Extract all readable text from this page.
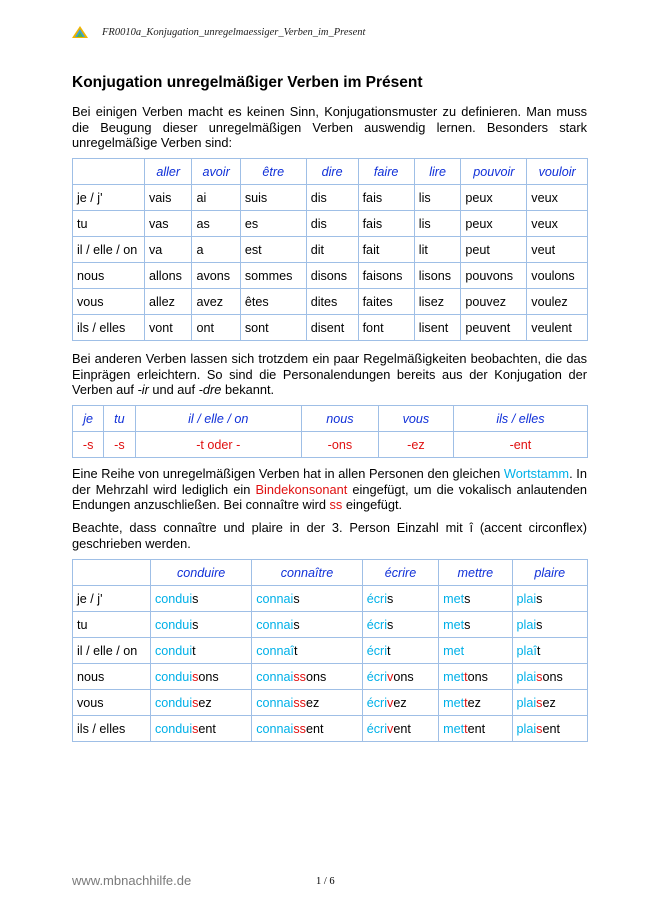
FR0010a_Konjugation_unregelmaessiger_Verben_im_Present
Konjugation unregelmäßiger Verben im Présent
Bei einigen Verben macht es keinen Sinn, Konjugationsmuster zu definieren. Man muss die Beugung dieser unregelmäßigen Verben auswendig lernen. Besonders stark unregelmäßige Verben sind:
	aller	avoir	être	dire	faire	lire	pouvoir	vouloir
je / j'	vais	ai	suis	dis	fais	lis	peux	veux
tu	vas	as	es	dis	fais	lis	peux	veux
il / elle / on	va	a	est	dit	fait	lit	peut	veut
nous	allons	avons	sommes	disons	faisons	lisons	pouvons	voulons
vous	allez	avez	êtes	dites	faites	lisez	pouvez	voulez
ils / elles	vont	ont	sont	disent	font	lisent	peuvent	veulent
Bei anderen Verben lassen sich trotzdem ein paar Regelmäßigkeiten beobachten, die das Einprägen erleichtern. So sind die Personalendungen bereits aus der Konjugation der Verben auf -ir und auf -dre bekannt.
je	tu	il / elle / on	nous	vous	ils / elles
-s	-s	-t oder -	-ons	-ez	-ent
Eine Reihe von unregelmäßigen Verben hat in allen Personen den gleichen Wortstamm. In der Mehrzahl wird lediglich ein Bindekonsonant eingefügt, um die vokalisch anlautenden Endungen anzuschließen. Bei connaître wird ss eingefügt.
Beachte, dass connaître und plaire in der 3. Person Einzahl mit î (accent circonflex) geschrieben werden.
	conduire	connaître	écrire	mettre	plaire
je / j'	conduis	connais	écris	mets	plais
tu	conduis	connais	écris	mets	plais
il / elle / on	conduit	connaît	écrit	met	plaît
nous	conduisons	connaissons	écrivons	mettons	plaisons
vous	conduisez	connaissez	écrivez	mettez	plaisez
ils / elles	conduisent	connaissent	écrivent	mettent	plaisent
www.mbnachhilfe.de	1 / 6
